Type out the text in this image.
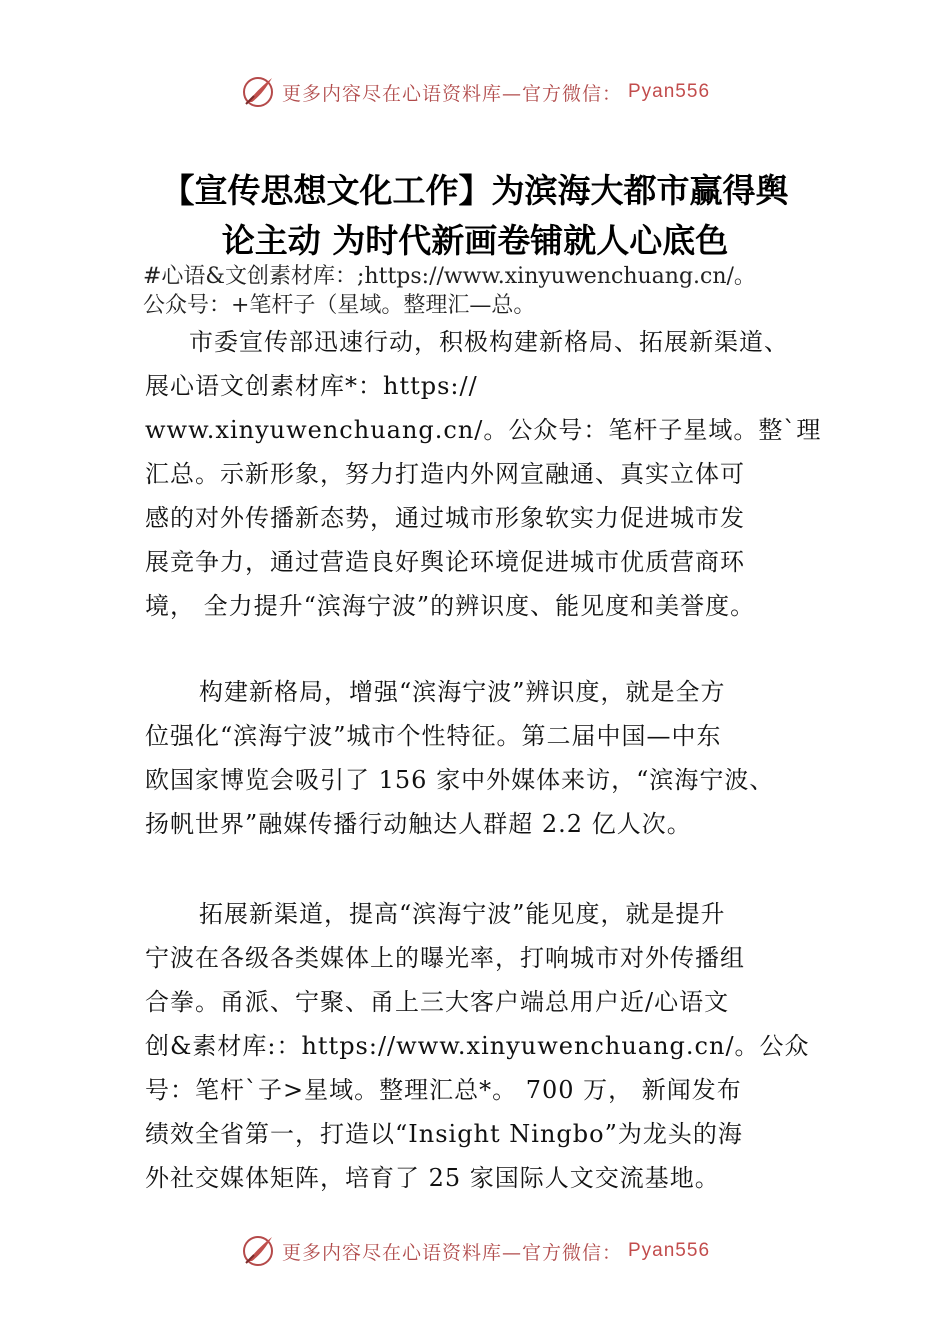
更多内容尽在心语资料库—官方微信： Pyan556
【宣传思想文化工作】为滨海大都市赢得舆
论主动 为时代新画卷铺就人心底色
#心语&文创素材库：;https://www.xinyuwenchuang.cn/。
公众号：+笔杆子（星域。整理汇—总。
市委宣传部迅速行动，积极构建新格局、拓展新渠道、
展心语文创素材库*：https://
www.xinyuwenchuang.cn/。公众号：笔杆子星域。整`理
汇总。示新形象，努力打造内外网宣融通、真实立体可
感的对外传播新态势，通过城市形象软实力促进城市发
展竞争力，通过营造良好舆论环境促进城市优质营商环
境， 全力提升“滨海宁波”的辨识度、能见度和美誉度。
构建新格局，增强“滨海宁波”辨识度，就是全方
位强化“滨海宁波”城市个性特征。第二届中国—中东
欧国家博览会吸引了 156 家中外媒体来访，“滨海宁波、
扬帆世界”融媒传播行动触达人群超 2.2 亿人次。
拓展新渠道，提高“滨海宁波”能见度，就是提升
宁波在各级各类媒体上的曝光率，打响城市对外传播组
合拳。甬派、宁聚、甬上三大客户端总用户近/心语文
创&素材库:：https://www.xinyuwenchuang.cn/。公众
号：笔杆`子>星域。整理汇总*。 700 万， 新闻发布
绩效全省第一，打造以“Insight Ningbo”为龙头的海
外社交媒体矩阵，培育了 25 家国际人文交流基地。
更多内容尽在心语资料库—官方微信： Pyan556
